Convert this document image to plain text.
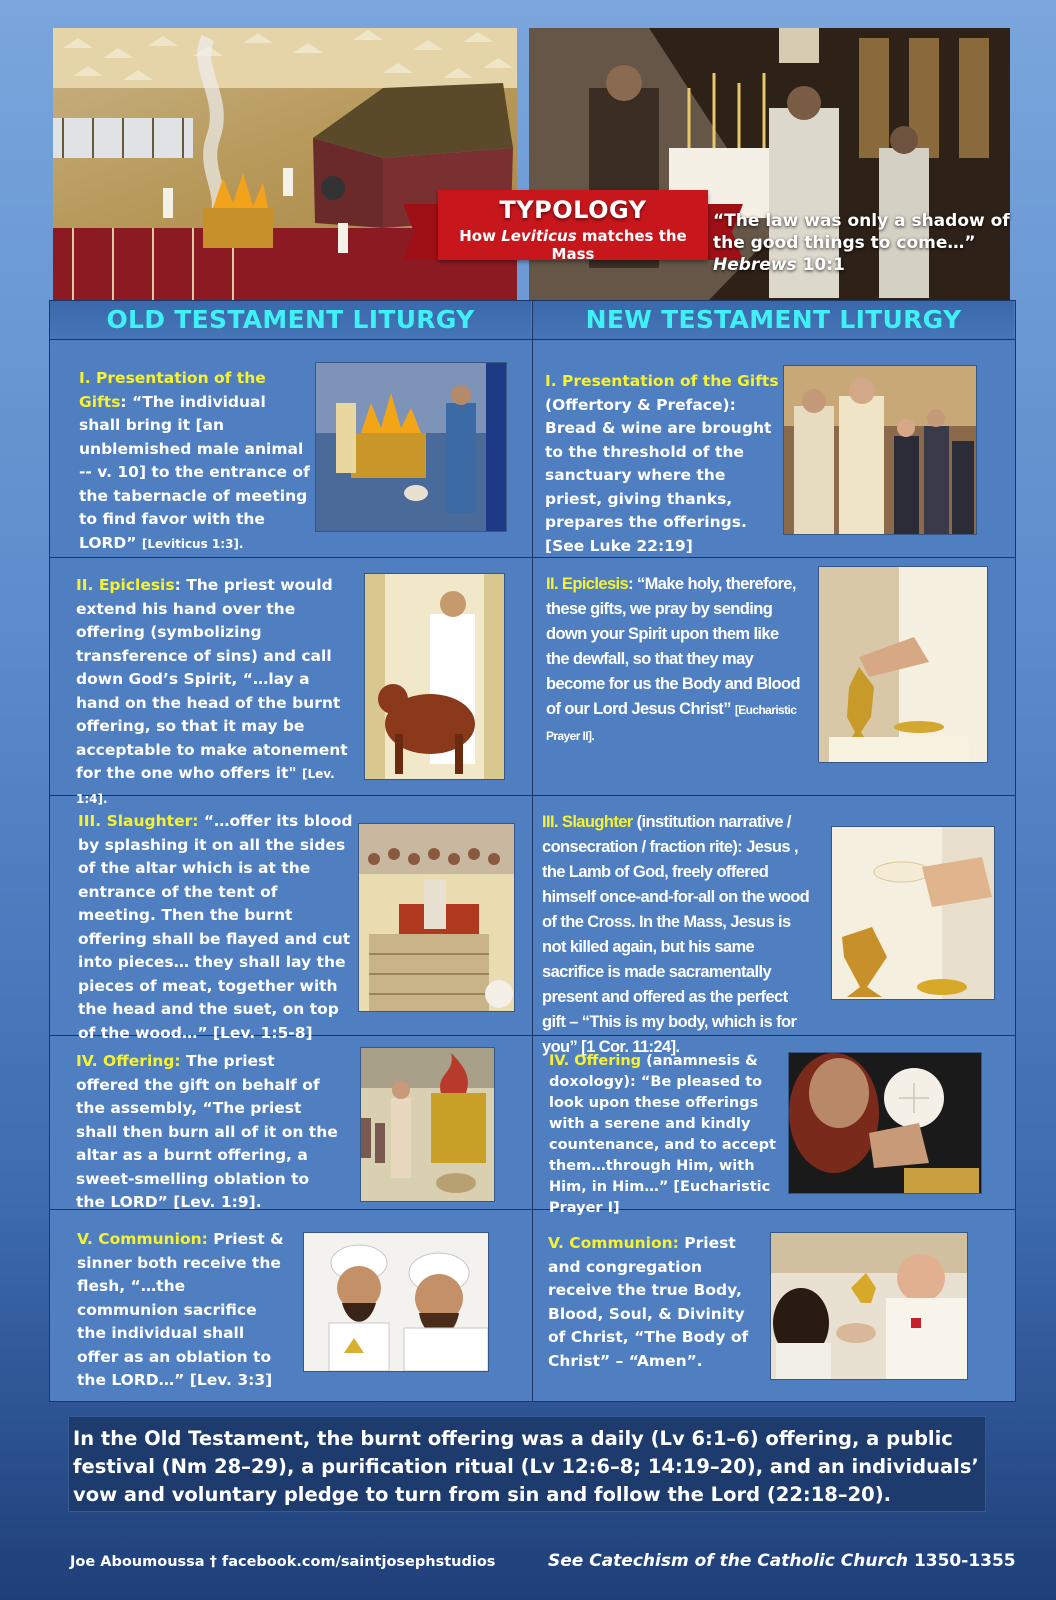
TYPOLOGY
How Leviticus matches the Mass
“The law was only a shadow of the good things to come…”
Hebrews 10:1
OLD TESTAMENT LITURGY	NEW TESTAMENT LITURGY
I. Presentation of the Gifts: “The individual shall bring it [an unblemished male animal -- v. 10] to the entrance of the tabernacle of meeting to find favor with the LORD” [Leviticus 1:3].
I. Presentation of the Gifts (Offertory & Preface): Bread & wine are brought to the threshold of the sanctuary where the priest, giving thanks, prepares the offerings. [See Luke 22:19]
II. Epiclesis: The priest would extend his hand over the offering (symbolizing transference of sins) and call down God’s Spirit, “…lay a hand on the head of the burnt offering, so that it may be acceptable to make atonement for the one who offers it" [Lev. 1:4].
II. Epiclesis: “Make holy, therefore, these gifts, we pray by sending down your Spirit upon them like the dewfall, so that they may become for us the Body and Blood of our Lord Jesus Christ” [Eucharistic Prayer II].
III. Slaughter: “…offer its blood by splashing it on all the sides of the altar which is at the entrance of the tent of meeting. Then the burnt offering shall be flayed and cut into pieces… they shall lay the pieces of meat, together with the head and the suet, on top of the wood…” [Lev. 1:5-8]
III. Slaughter (institution narrative / consecration / fraction rite): Jesus , the Lamb of God, freely offered himself once-and-for-all on the wood of the Cross. In the Mass, Jesus is not killed again, but his same sacrifice is made sacramentally present and offered as the perfect gift – “This is my body, which is for you” [1 Cor. 11:24].
IV. Offering: The priest offered the gift on behalf of the assembly, “The priest shall then burn all of it on the altar as a burnt offering, a sweet-smelling oblation to the LORD” [Lev. 1:9].
IV. Offering (anamnesis & doxology): “Be pleased to look upon these offerings with a serene and kindly countenance, and to accept them…through Him, with Him, in Him…” [Eucharistic Prayer I]
V. Communion: Priest & sinner both receive the flesh, “…the communion sacrifice the individual shall offer as an oblation to the LORD…” [Lev. 3:3]
V. Communion: Priest and congregation receive the true Body, Blood, Soul, & Divinity of Christ, “The Body of Christ” – “Amen”.
In the Old Testament, the burnt offering was a daily (Lv 6:1–6) offering, a public festival (Nm 28–29), a purification ritual (Lv 12:6–8; 14:19–20), and an individuals’ vow and voluntary pledge to turn from sin and follow the Lord (22:18–20).
Joe Aboumoussa † facebook.com/saintjosephstudios	See Catechism of the Catholic Church 1350-1355
